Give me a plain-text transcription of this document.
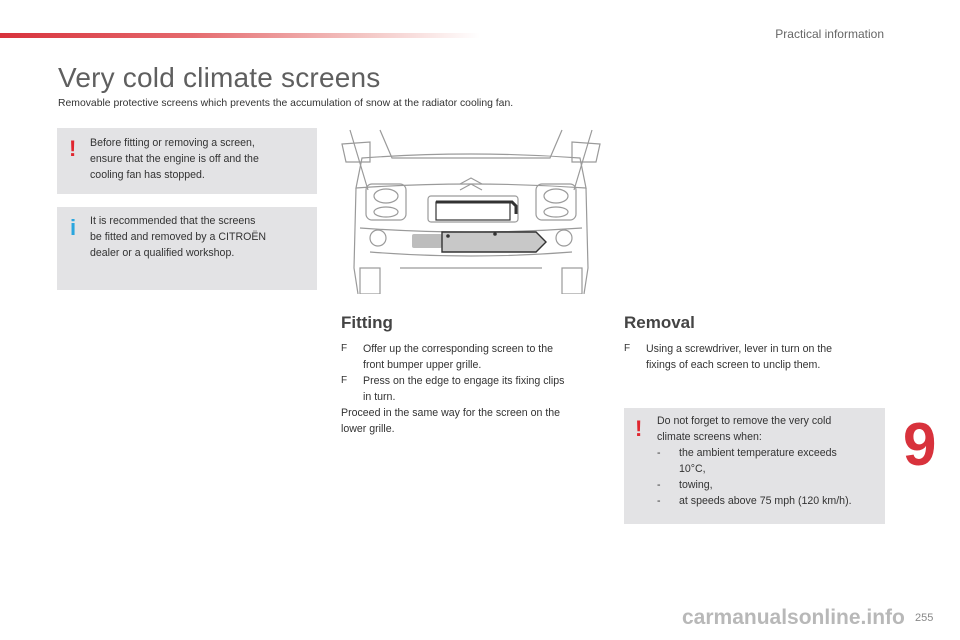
Practical information
Very cold climate screens
Removable protective screens which prevents the accumulation of snow at the radiator cooling fan.
! Before fitting or removing a screen,
ensure that the engine is off and the
cooling fan has stopped.
i It is recommended that the screens
be fitted and removed by a CITROËN
dealer or a qualified workshop.
Fitting
F Offer up the corresponding screen to the
front bumper upper grille.
F Press on the edge to engage its fixing clips
in turn.
Proceed in the same way for the screen on the
lower grille.
Removal
F Using a screwdriver, lever in turn on the
fixings of each screen to unclip them.
! Do not forget to remove the very cold
climate screens when:
- the ambient temperature exceeds
10°C,
- towing,
- at speeds above 75 mph (120 km/h).
9
carmanualsonline.info 255
